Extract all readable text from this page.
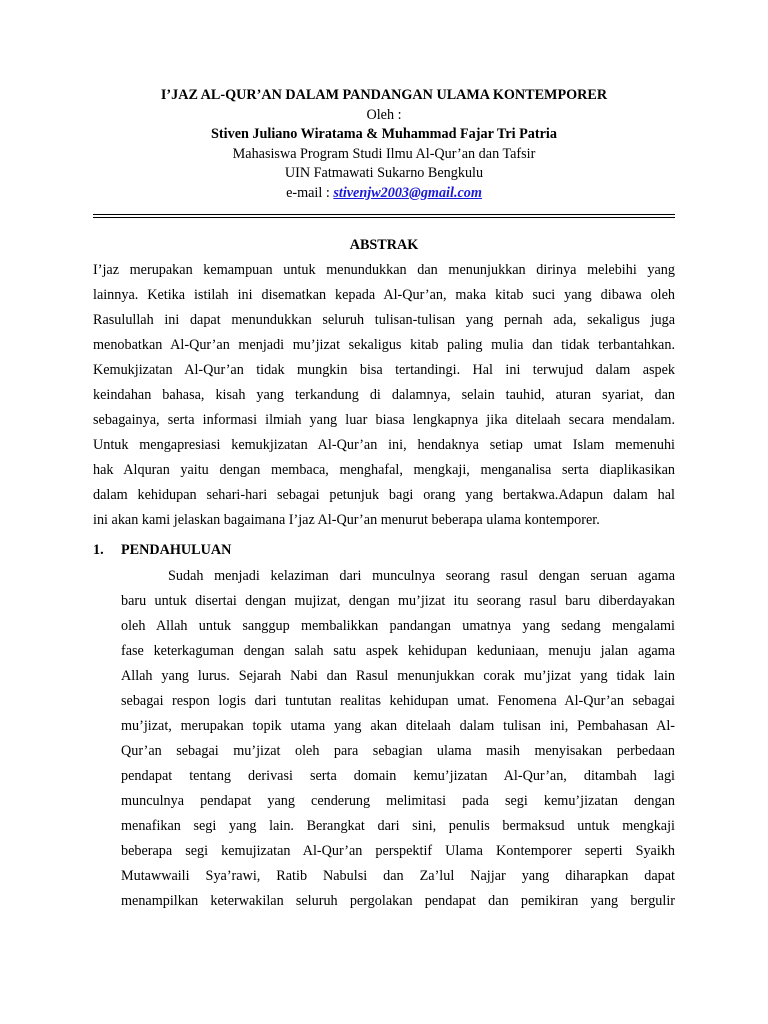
I’JAZ AL-QUR’AN DALAM PANDANGAN ULAMA KONTEMPORER
Oleh :
Stiven Juliano Wiratama & Muhammad Fajar Tri Patria
Mahasiswa Program Studi Ilmu Al-Qur’an dan Tafsir
UIN Fatmawati Sukarno Bengkulu
e-mail : stivenjw2003@gmail.com
ABSTRAK
I’jaz merupakan kemampuan untuk menundukkan dan menunjukkan dirinya melebihi yang
lainnya. Ketika istilah ini disematkan kepada Al-Qur’an, maka kitab suci yang dibawa oleh
Rasulullah ini dapat menundukkan seluruh tulisan-tulisan yang pernah ada, sekaligus juga
menobatkan Al-Qur’an menjadi mu’jizat sekaligus kitab paling mulia dan tidak terbantahkan.
Kemukjizatan Al-Qur’an tidak mungkin bisa tertandingi. Hal ini terwujud dalam aspek
keindahan bahasa, kisah yang terkandung di dalamnya, selain tauhid, aturan syariat, dan
sebagainya, serta informasi ilmiah yang luar biasa lengkapnya jika ditelaah secara mendalam.
Untuk mengapresiasi kemukjizatan Al-Qur’an ini, hendaknya setiap umat Islam memenuhi
hak Alquran yaitu dengan membaca, menghafal, mengkaji, menganalisa serta diaplikasikan
dalam kehidupan sehari-hari sebagai petunjuk bagi orang yang bertakwa.Adapun dalam hal
ini akan kami jelaskan bagaimana I’jaz Al-Qur’an menurut beberapa ulama kontemporer.
1. PENDAHULUAN
Sudah menjadi kelaziman dari munculnya seorang rasul dengan seruan agama
baru untuk disertai dengan mujizat, dengan mu’jizat itu seorang rasul baru diberdayakan
oleh Allah untuk sanggup membalikkan pandangan umatnya yang sedang mengalami
fase keterkaguman dengan salah satu aspek kehidupan keduniaan, menuju jalan agama
Allah yang lurus. Sejarah Nabi dan Rasul menunjukkan corak mu’jizat yang tidak lain
sebagai respon logis dari tuntutan realitas kehidupan umat. Fenomena Al-Qur’an sebagai
mu’jizat, merupakan topik utama yang akan ditelaah dalam tulisan ini, Pembahasan Al-
Qur’an sebagai mu’jizat oleh para sebagian ulama masih menyisakan perbedaan
pendapat tentang derivasi serta domain kemu’jizatan Al-Qur’an, ditambah lagi
munculnya pendapat yang cenderung melimitasi pada segi kemu’jizatan dengan
menafikan segi yang lain. Berangkat dari sini, penulis bermaksud untuk mengkaji
beberapa segi kemujizatan Al-Qur’an perspektif Ulama Kontemporer seperti Syaikh
Mutawwaili Sya’rawi, Ratib Nabulsi dan Za’lul Najjar yang diharapkan dapat
menampilkan keterwakilan seluruh pergolakan pendapat dan pemikiran yang bergulir
